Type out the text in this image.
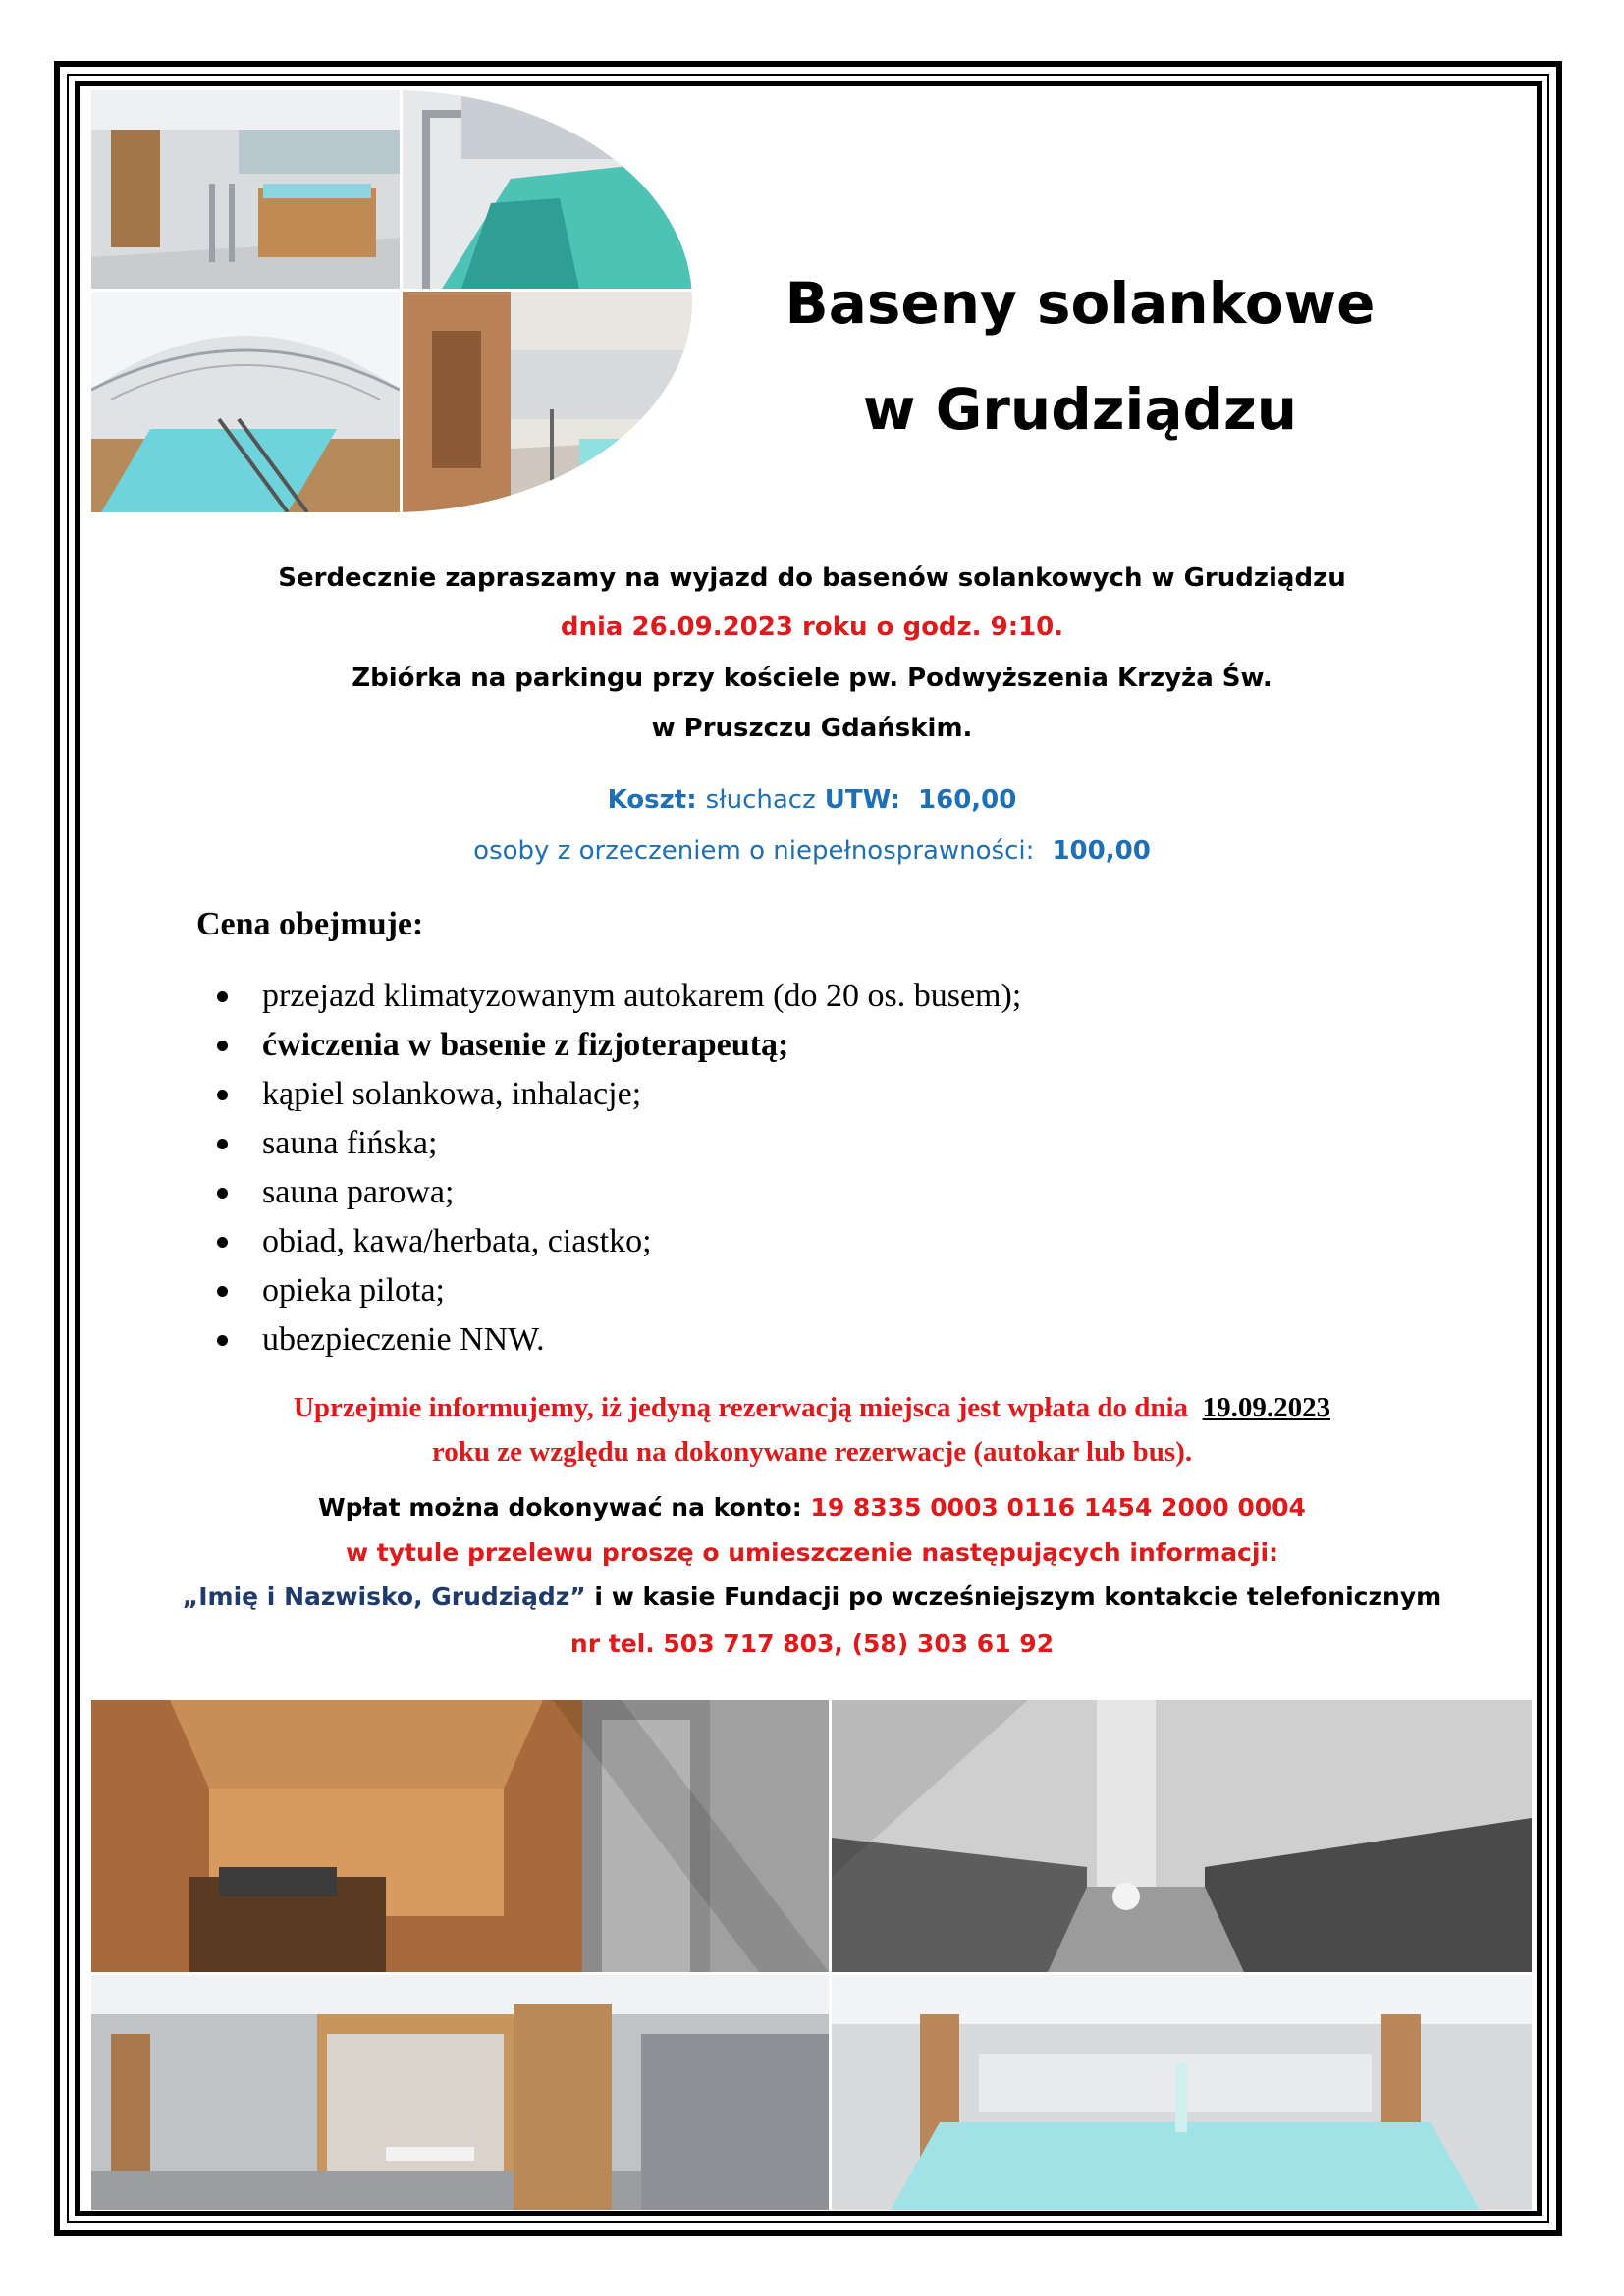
Baseny solankowe
w Grudziądzu
Serdecznie zapraszamy na wyjazd do basenów solankowych w Grudziądzu
dnia 26.09.2023 roku o godz. 9:10.
Zbiórka na parkingu przy kościele pw. Podwyższenia Krzyża Św.
w Pruszczu Gdańskim.
Koszt: słuchacz UTW: 160,00
osoby z orzeczeniem o niepełnosprawności: 100,00
Cena obejmuje:
przejazd klimatyzowanym autokarem (do 20 os. busem);
ćwiczenia w basenie z fizjoterapeutą;
kąpiel solankowa, inhalacje;
sauna fińska;
sauna parowa;
obiad, kawa/herbata, ciastko;
opieka pilota;
ubezpieczenie NNW.
Uprzejmie informujemy, iż jedyną rezerwacją miejsca jest wpłata do dnia 19.09.2023
roku ze względu na dokonywane rezerwacje (autokar lub bus).
Wpłat można dokonywać na konto: 19 8335 0003 0116 1454 2000 0004
w tytule przelewu proszę o umieszczenie następujących informacji:
„Imię i Nazwisko, Grudziądz” i w kasie Fundacji po wcześniejszym kontakcie telefonicznym
nr tel. 503 717 803, (58) 303 61 92
